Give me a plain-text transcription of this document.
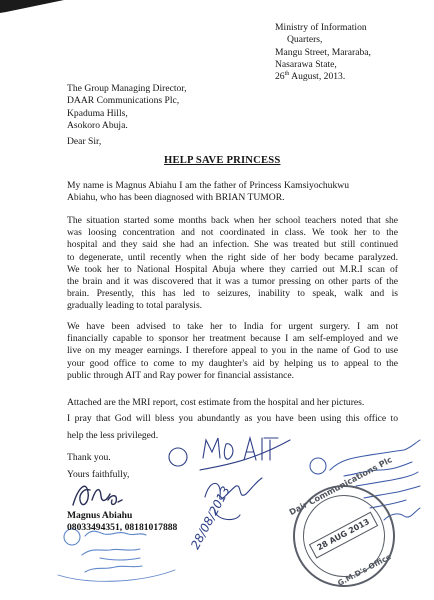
Ministry of Information
Quarters,
Mangu Street, Mararaba,
Nasarawa State,
26th August, 2013.
The Group Managing Director,
DAAR Communications Plc,
Kpaduma Hills,
Asokoro Abuja.
Dear Sir,
HELP SAVE PRINCESS
My name is Magnus Abiahu I am the father of Princess Kamsiyochukwu
Abiahu, who has been diagnosed with BRIAN TUMOR.
The situation started some months back when her school teachers noted that she
was loosing concentration and not coordinated in class. We took her to the
hospital and they said she had an infection. She was treated but still continued
to degenerate, until recently when the right side of her body became paralyzed.
We took her to National Hospital Abuja where they carried out M.R.I scan of
the brain and it was discovered that it was a tumor pressing on other parts of the
brain. Presently, this has led to seizures, inability to speak, walk and is
gradually leading to total paralysis.
We have been advised to take her to India for urgent surgery. I am not
financially capable to sponsor her treatment because I am self-employed and we
live on my meager earnings. I therefore appeal to you in the name of God to use
your good office to come to my daughter's aid by helping us to appeal to the
public through AIT and Ray power for financial assistance.
Attached are the MRI report, cost estimate from the hospital and her pictures.
I pray that God will bless you abundantly as you have been using this office to
help the less privileged.
Thank you.
Yours faithfully,
28/08/2013	Dair Communications Plc
28 AUG 2013
G.M.D's Office
Magnus Abiahu
08033494351, 08181017888
